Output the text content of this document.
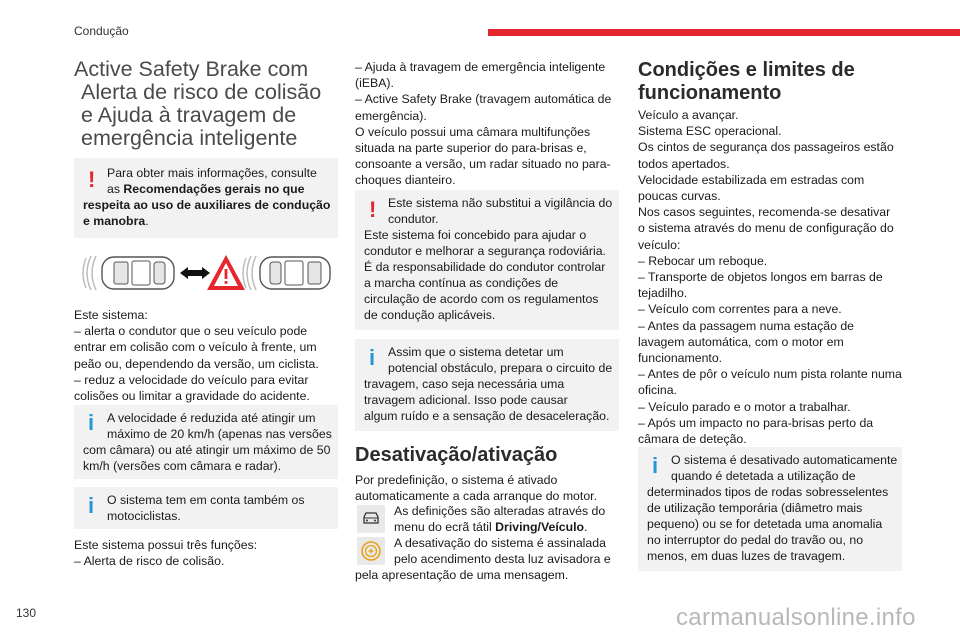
Condução
Active Safety Brake com
Alerta de risco de colisão
e Ajuda à travagem de
emergência inteligente
! Para obter mais informações, consulte
as Recomendações gerais no que
respeita ao uso de auxiliares de condução
e manobra.
Este sistema:
– alerta o condutor que o seu veículo pode
entrar em colisão com o veículo à frente, um
peão ou, dependendo da versão, um ciclista.
– reduz a velocidade do veículo para evitar
colisões ou limitar a gravidade do acidente.
i A velocidade é reduzida até atingir um
máximo de 20 km/h (apenas nas versões
com câmara) ou até atingir um máximo de 50
km/h (versões com câmara e radar).
i O sistema tem em conta também os
motociclistas.
Este sistema possui três funções:
– Alerta de risco de colisão.
– Ajuda à travagem de emergência inteligente
(iEBA).
– Active Safety Brake (travagem automática de
emergência).
O veículo possui uma câmara multifunções
situada na parte superior do para-brisas e,
consoante a versão, um radar situado no para-
choques dianteiro.
! Este sistema não substitui a vigilância do
condutor.
Este sistema foi concebido para ajudar o
condutor e melhorar a segurança rodoviária.
É da responsabilidade do condutor controlar
a marcha contínua as condições de
circulação de acordo com os regulamentos
de condução aplicáveis.
i Assim que o sistema detetar um
potencial obstáculo, prepara o circuito de
travagem, caso seja necessária uma
travagem adicional. Isso pode causar
algum ruído e a sensação de desaceleração.
Desativação/ativação
Por predefinição, o sistema é ativado
automaticamente a cada arranque do motor.
As definições são alteradas através do
menu do ecrã tátil Driving/Veículo.
A desativação do sistema é assinalada
pelo acendimento desta luz avisadora e
pela apresentação de uma mensagem.
Condições e limites de
funcionamento
Veículo a avançar.
Sistema ESC operacional.
Os cintos de segurança dos passageiros estão
todos apertados.
Velocidade estabilizada em estradas com
poucas curvas.
Nos casos seguintes, recomenda-se desativar
o sistema através do menu de configuração do
veículo:
– Rebocar um reboque.
– Transporte de objetos longos em barras de
tejadilho.
– Veículo com correntes para a neve.
– Antes da passagem numa estação de
lavagem automática, com o motor em
funcionamento.
– Antes de pôr o veículo num pista rolante numa
oficina.
– Veículo parado e o motor a trabalhar.
– Após um impacto no para-brisas perto da
câmara de deteção.
i O sistema é desativado automaticamente
quando é detetada a utilização de
determinados tipos de rodas sobresselentes
de utilização temporária (diâmetro mais
pequeno) ou se for detetada uma anomalia
no interruptor do pedal do travão ou, no
menos, em duas luzes de travagem.
130	carmanualsonline.info
